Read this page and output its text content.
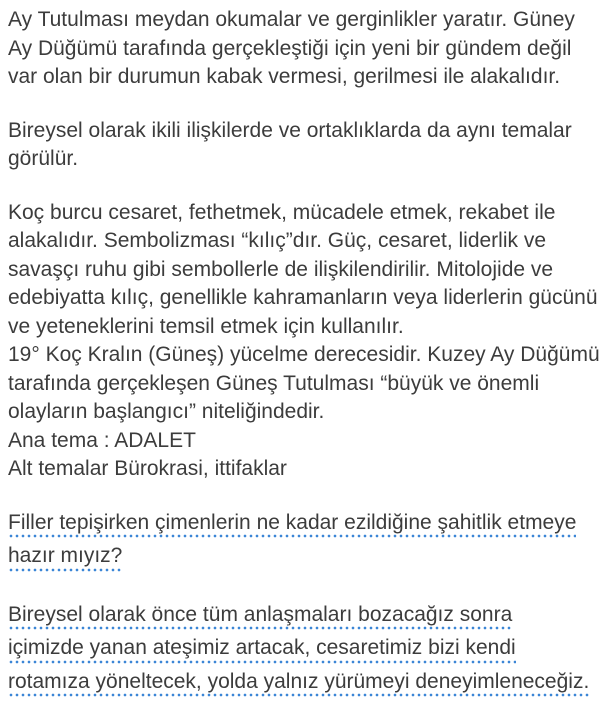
Ay Tutulması meydan okumalar ve gerginlikler yaratır. Güney
Ay Düğümü tarafında gerçekleştiği için yeni bir gündem değil
var olan bir durumun kabak vermesi, gerilmesi ile alakalıdır.
Bireysel olarak ikili ilişkilerde ve ortaklıklarda da aynı temalar
görülür.
Koç burcu cesaret, fethetmek, mücadele etmek, rekabet ile
alakalıdır. Sembolizması “kılıç”dır. Güç, cesaret, liderlik ve
savaşçı ruhu gibi sembollerle de ilişkilendirilir. Mitolojide ve
edebiyatta kılıç, genellikle kahramanların veya liderlerin gücünü
ve yeteneklerini temsil etmek için kullanılır.
19° Koç Kralın (Güneş) yücelme derecesidir. Kuzey Ay Düğümü
tarafında gerçekleşen Güneş Tutulması “büyük ve önemli
olayların başlangıcı” niteliğindedir.
Ana tema : ADALET
Alt temalar Bürokrasi, ittifaklar
Filler tepişirken çimenlerin ne kadar ezildiğine şahitlik etmeye
hazır mıyız?
Bireysel olarak önce tüm anlaşmaları bozacağız sonra
içimizde yanan ateşimiz artacak, cesaretimiz bizi kendi
rotamıza yöneltecek, yolda yalnız yürümeyi deneyimleneceğiz.
